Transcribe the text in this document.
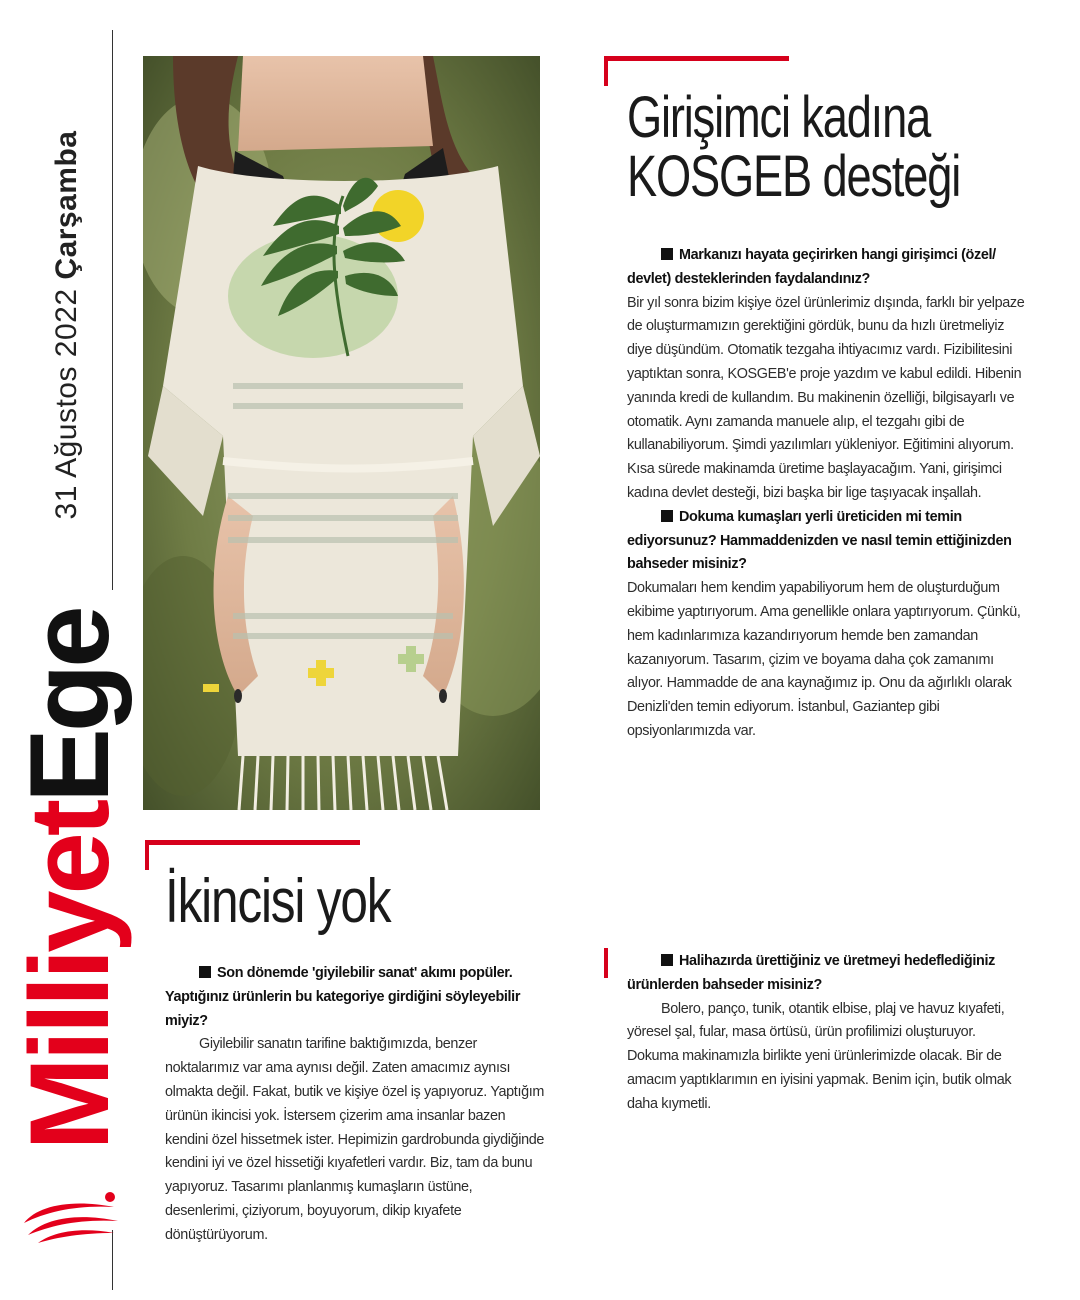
31 Ağustos 2022 Çarşamba
MilliyetEge
Girişimci kadına
KOSGEB desteği

Markanızı hayata geçirirken hangi girişimci (özel/ devlet) desteklerinden faydalandınız?

Bir yıl sonra bizim kişiye özel ürünlerimiz dışında, farklı bir yelpaze de oluşturmamızın gerektiğini gördük, bunu da hızlı üretmeliyiz diye düşündüm. Otomatik tezgaha ihtiyacımız vardı. Fizibilitesini yaptıktan sonra, KOSGEB'e proje yazdım ve kabul edildi. Hibenin yanında kredi de kullandım. Bu makinenin özelliği, bilgisayarlı ve otomatik. Aynı zamanda manuele alıp, el tezgahı gibi de kullanabiliyorum. Şimdi yazılımları yükleniyor. Eğitimini alıyorum. Kısa sürede makinamda üretime başlayacağım. Yani, girişimci kadına devlet desteği, bizi başka bir lige taşıyacak inşallah.

Dokuma kumaşları yerli üreticiden mi temin ediyorsunuz? Hammaddenizden ve nasıl temin ettiğinizden bahseder misiniz?

Dokumaları hem kendim yapabiliyorum hem de oluşturduğum ekibime yaptırıyorum. Ama genellikle onlara yaptırıyorum. Çünkü, hem kadınlarımıza kazandırıyorum hemde ben zamandan kazanıyorum. Tasarım, çizim ve boyama daha çok zamanımı alıyor. Hammadde de ana kaynağımız ip. Onu da ağırlıklı olarak Denizli'den temin ediyorum. İstanbul, Gaziantep gibi opsiyonlarımızda var.

İkincisi yok

Son dönemde 'giyilebilir sanat' akımı popüler. Yaptığınız ürünlerin bu kategoriye girdiğini söyleyebilir miyiz?

Giyilebilir sanatın tarifine baktığımızda, benzer noktalarımız var ama aynısı değil. Zaten amacımız aynısı olmakta değil. Fakat, butik ve kişiye özel iş yapıyoruz. Yaptığım ürünün ikincisi yok. İstersem çizerim ama insanlar bazen kendini özel hissetmek ister. Hepimizin gardrobunda giydiğinde kendini iyi ve özel hissetiği kıyafetleri vardır. Biz, tam da bunu yapıyoruz. Tasarımı planlanmış kumaşların üstüne, desenlerimi, çiziyorum, boyuyorum, dikip kıyafete dönüştürüyorum.

Halihazırda ürettiğiniz ve üretmeyi hedeflediğiniz ürünlerden bahseder misiniz?

Bolero, panço, tunik, otantik elbise, plaj ve havuz kıyafeti, yöresel şal, fular, masa örtüsü, ürün profilimizi oluşturuyor. Dokuma makinamızla birlikte yeni ürünlerimizde olacak. Bir de amacım yaptıklarımın en iyisini yapmak. Benim için, butik olmak daha kıymetli.
